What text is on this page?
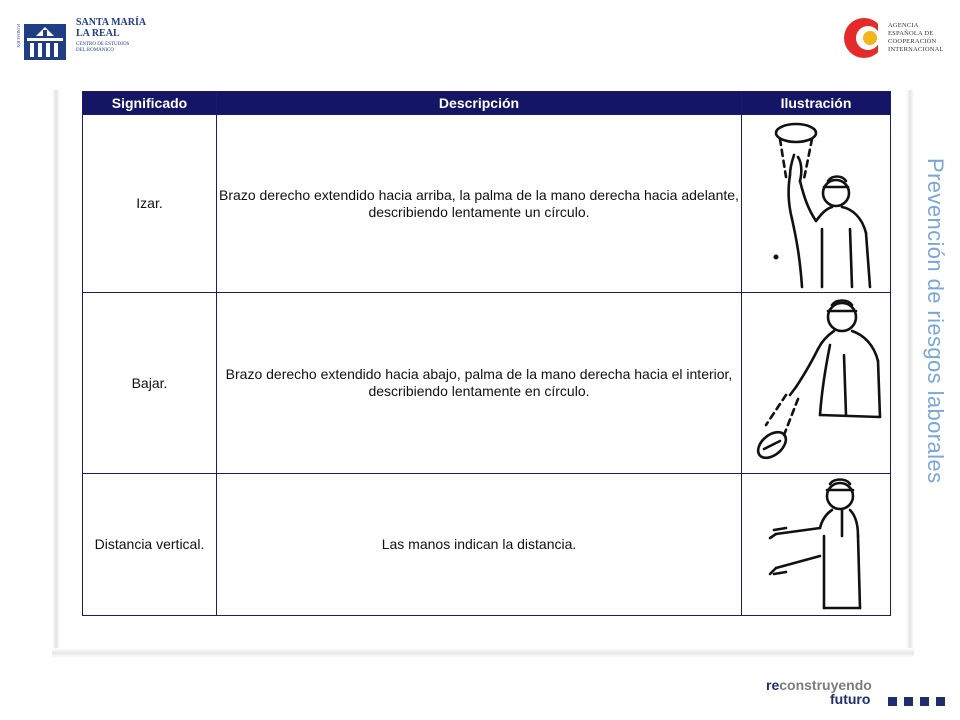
FUNDACIÓN
SANTA MARÍA
LA REAL
CENTRO DE ESTUDIOS DEL ROMÁNICO
AGENCIA
ESPAÑOLA DE
COOPERACIÓN
INTERNACIONAL
Significado	Descripción	Ilustración
Izar.	Brazo derecho extendido hacia arriba, la palma de la mano derecha hacia adelante, describiendo lentamente un círculo.	

Bajar.	Brazo derecho extendido hacia abajo, palma de la mano derecha hacia el interior, describiendo lentamente en círculo.	

Distancia vertical.	Las manos indican la distancia.	
Prevención de riesgos laborales
reconstruyendo
futuro
